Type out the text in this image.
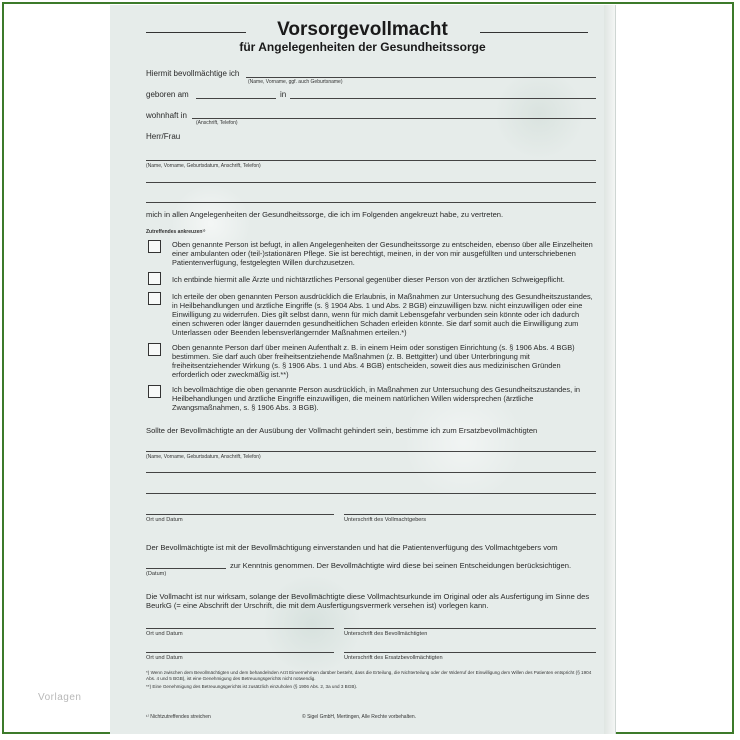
Vorlagen
Vorsorgevollmacht
für Angelegenheiten der Gesundheitssorge
Hiermit bevollmächtige ich
(Name, Vorname, ggf. auch Geburtsname)
geboren am	in
wohnhaft in
(Anschrift, Telefon)
Herr/Frau
(Name, Vorname, Geburtsdatum, Anschrift, Telefon)
mich in allen Angelegenheiten der Gesundheitssorge, die ich im Folgenden angekreuzt habe, zu vertreten.
Zutreffendes ankreuzen¹⁾
Oben genannte Person ist befugt, in allen Angelegenheiten der Gesundheitssorge zu entscheiden, ebenso über alle Einzelheiten einer ambulanten oder (teil-)stationären Pflege. Sie ist berechtigt, meinen, in der von mir ausgefüllten und unterschriebenen Patientenverfügung, festgelegten Willen durchzusetzen.
Ich entbinde hiermit alle Ärzte und nichtärztliches Personal gegenüber dieser Person von der ärztlichen Schweigepflicht.
Ich erteile der oben genannten Person ausdrücklich die Erlaubnis, in Maßnahmen zur Untersuchung des Gesundheitszustandes, in Heilbehandlungen und ärztliche Eingriffe (s. § 1904 Abs. 1 und Abs. 2 BGB) einzuwilligen bzw. nicht einzuwilligen oder eine Einwilligung zu widerrufen. Dies gilt selbst dann, wenn für mich damit Lebensgefahr verbunden sein könnte oder ich dadurch einen schweren oder länger dauernden gesundheitlichen Schaden erleiden könnte. Sie darf somit auch die Einwilligung zum Unterlassen oder Beenden lebensverlängernder Maßnahmen erteilen.*)
Oben genannte Person darf über meinen Aufenthalt z. B. in einem Heim oder sonstigen Einrichtung (s. § 1906 Abs. 4 BGB) bestimmen. Sie darf auch über freiheitsentziehende Maßnahmen (z. B. Bettgitter) und über Unterbringung mit freiheitsentziehender Wirkung (s. § 1906 Abs. 1 und Abs. 4 BGB) entscheiden, soweit dies aus medizinischen Gründen erforderlich oder zweckmäßig ist.**)
Ich bevollmächtige die oben genannte Person ausdrücklich, in Maßnahmen zur Untersuchung des Gesundheitszustandes, in Heilbehandlungen und ärztliche Eingriffe einzuwilligen, die meinem natürlichen Willen widersprechen (ärztliche Zwangsmaßnahmen, s. § 1906 Abs. 3 BGB).
Sollte der Bevollmächtigte an der Ausübung der Vollmacht gehindert sein, bestimme ich zum Ersatzbevollmächtigten
(Name, Vorname, Geburtsdatum, Anschrift, Telefon)
Ort und Datum	Unterschrift des Vollmachtgebers
Der Bevollmächtigte ist mit der Bevollmächtigung einverstanden und hat die Patientenverfügung des Vollmachtgebers vom
(Datum)
zur Kenntnis genommen. Der Bevollmächtigte wird diese bei seinen Entscheidungen berücksichtigen.
Die Vollmacht ist nur wirksam, solange der Bevollmächtigte diese Vollmachtsurkunde im Original oder als Ausfertigung im Sinne des BeurkG (= eine Abschrift der Urschrift, die mit dem Ausfertigungsvermerk versehen ist) vorlegen kann.
Ort und Datum	Unterschrift des Bevollmächtigten
Ort und Datum	Unterschrift des Ersatzbevollmächtigten
*) Wenn zwischen dem Bevollmächtigten und dem behandelnden Arzt Einvernehmen darüber besteht, dass die Erteilung, die Nichterteilung oder der Widerruf der Einwilligung dem Willen des Patienten entspricht (§ 1904 Abs. 4 und 5 BGB), ist eine Genehmigung des Betreuungsgerichts nicht notwendig.
**) Eine Genehmigung des Betreuungsgerichts ist zusätzlich einzuholen (§ 1906 Abs. 2, 3a und 3 BGB).
¹⁾ Nichtzutreffendes streichen	© Sigel GmbH, Mertingen, Alle Rechte vorbehalten.
